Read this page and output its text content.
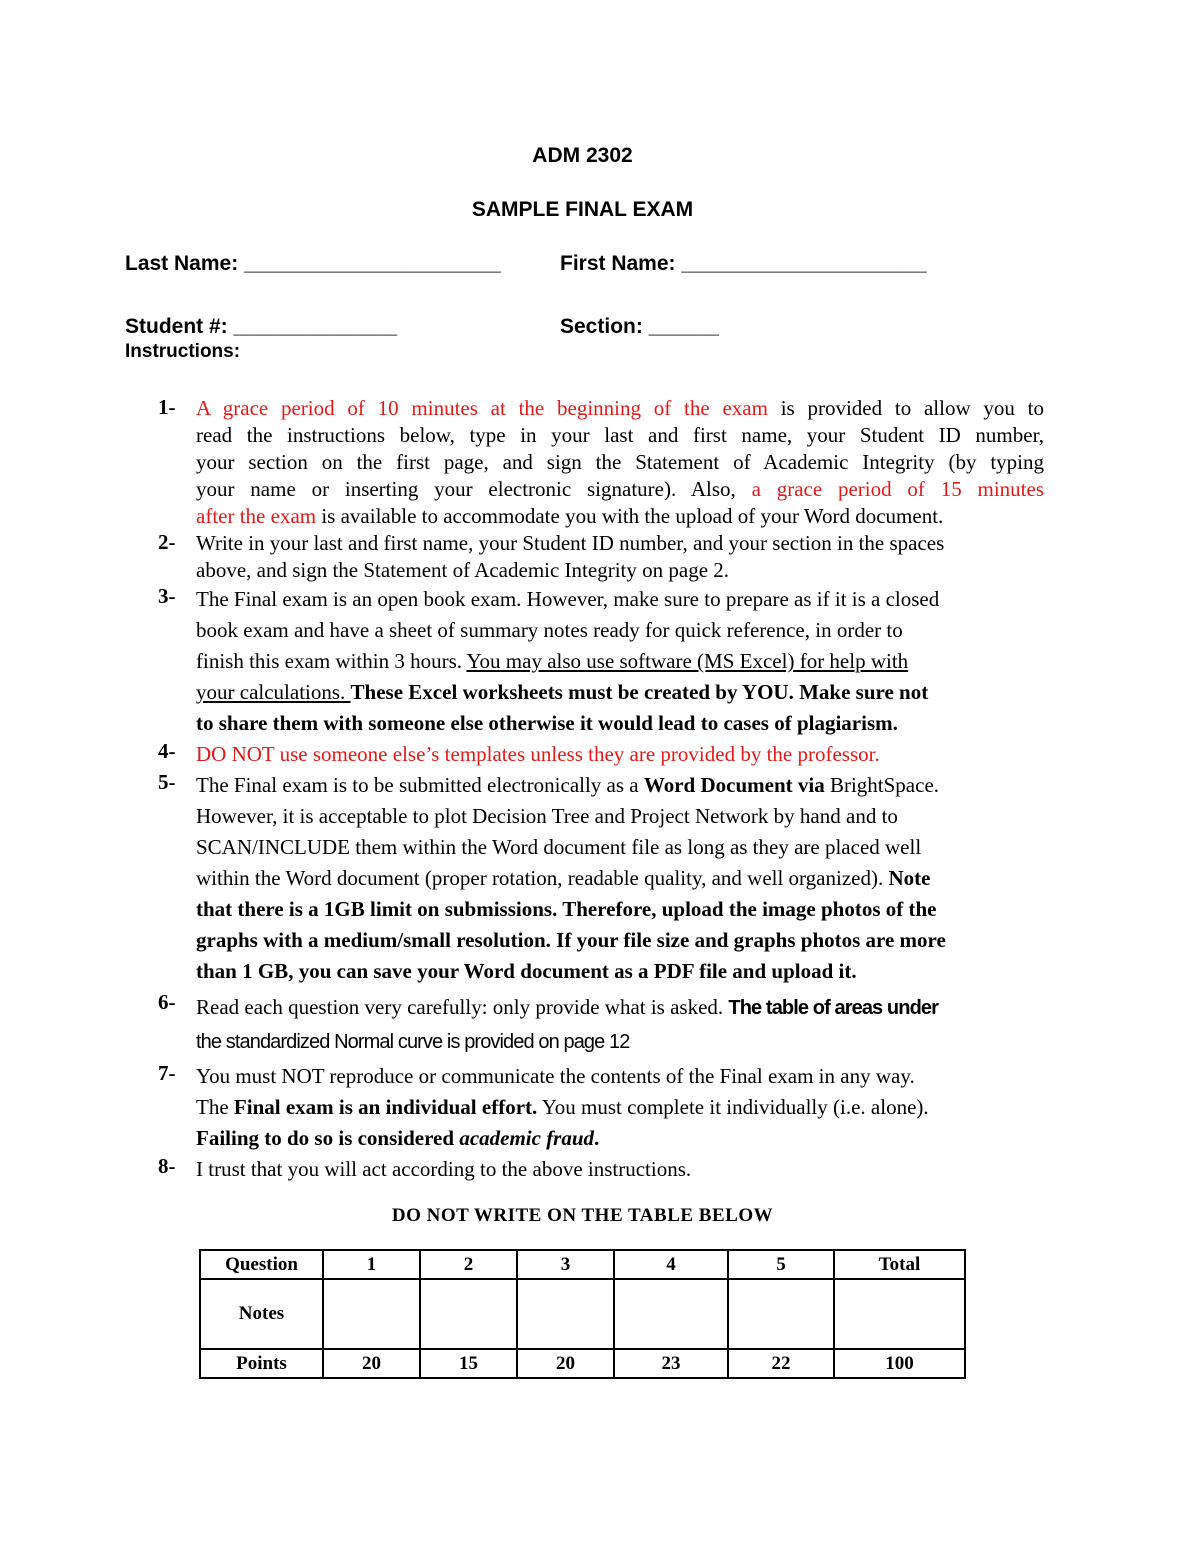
ADM 2302
SAMPLE FINAL EXAM
Last Name: ______________________	First Name: _____________________
Student #: ______________	Section: ______
Instructions:
1- A grace period of 10 minutes at the beginning of the exam is provided to allow you to
read the instructions below, type in your last and first name, your Student ID number,
your section on the first page, and sign the Statement of Academic Integrity (by typing
your name or inserting your electronic signature). Also, a grace period of 15 minutes
after the exam is available to accommodate you with the upload of your Word document.
2- Write in your last and first name, your Student ID number, and your section in the spaces
above, and sign the Statement of Academic Integrity on page 2.
3- The Final exam is an open book exam. However, make sure to prepare as if it is a closed
book exam and have a sheet of summary notes ready for quick reference, in order to
finish this exam within 3 hours. You may also use software (MS Excel) for help with
your calculations. These Excel worksheets must be created by YOU. Make sure not
to share them with someone else otherwise it would lead to cases of plagiarism.
4- DO NOT use someone else’s templates unless they are provided by the professor.
5- The Final exam is to be submitted electronically as a Word Document via BrightSpace.
However, it is acceptable to plot Decision Tree and Project Network by hand and to
SCAN/INCLUDE them within the Word document file as long as they are placed well
within the Word document (proper rotation, readable quality, and well organized). Note
that there is a 1GB limit on submissions. Therefore, upload the image photos of the
graphs with a medium/small resolution. If your file size and graphs photos are more
than 1 GB, you can save your Word document as a PDF file and upload it.
6- Read each question very carefully: only provide what is asked. The table of areas under
the standardized Normal curve is provided on page 12
7- You must NOT reproduce or communicate the contents of the Final exam in any way.
The Final exam is an individual effort. You must complete it individually (i.e. alone).
Failing to do so is considered academic fraud.
8- I trust that you will act according to the above instructions.
DO NOT WRITE ON THE TABLE BELOW
Question	1	2	3	4	5	Total
Notes						
Points	20	15	20	23	22	100
